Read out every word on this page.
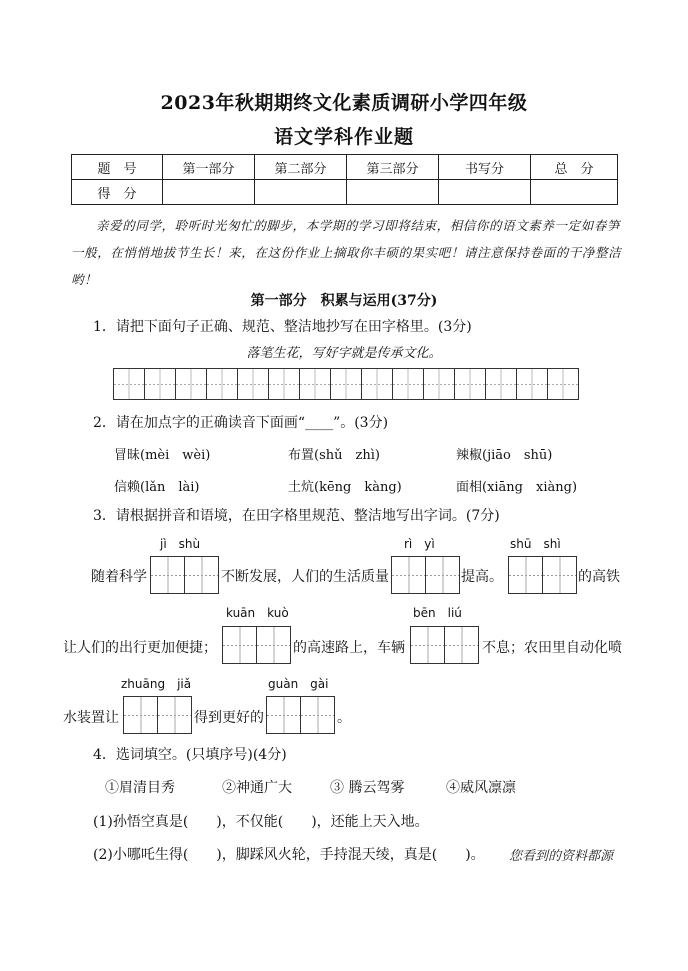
2023年秋期期终文化素质调研小学四年级
语文学科作业题
题　号	第一部分	第二部分	第三部分	书写分	总　分
得　分					
亲爱的同学，聆听时光匆忙的脚步，本学期的学习即将结束，相信你的语文素养一定如春笋一般，在悄悄地拔节生长！来，在这份作业上摘取你丰硕的果实吧！请注意保持卷面的干净整洁哟！
第一部分　积累与运用(37分)
1．请把下面句子正确、规范、整洁地抄写在田字格里。(3分)
落笔生花，写好字就是传承文化。
2．请在加点字的正确读音下面画“____”。(3分)
冒昧(mèi　wèi)	布置(shǔ　zhì)	辣椒(jiāo　shū)
信赖(lǎn　lài)	土炕(kēng　kàng)	面相(xiāng　xiàng)
3．请根据拼音和语境，在田字格里规范、整洁地写出字词。(7分)
jì　shù	rì　yì	shū　shì
随着科学	不断发展，人们的生活质量	提高。	的高铁
kuān　kuò	bēn　liú
让人们的出行更加便捷；	的高速路上，车辆	不息；农田里自动化喷
zhuāng　jiǎ	guàn　gài
水装置让	得到更好的	。
4．选词填空。(只填序号)(4分)
①眉清目秀	②神通广大	③ 腾云驾雾	④威风凛凛
(1)孙悟空真是(　　)，不仅能(　　)，还能上天入地。
(2)小哪吒生得(　　)，脚踩风火轮，手持混天绫，真是(　　)。 您看到的资料都源
